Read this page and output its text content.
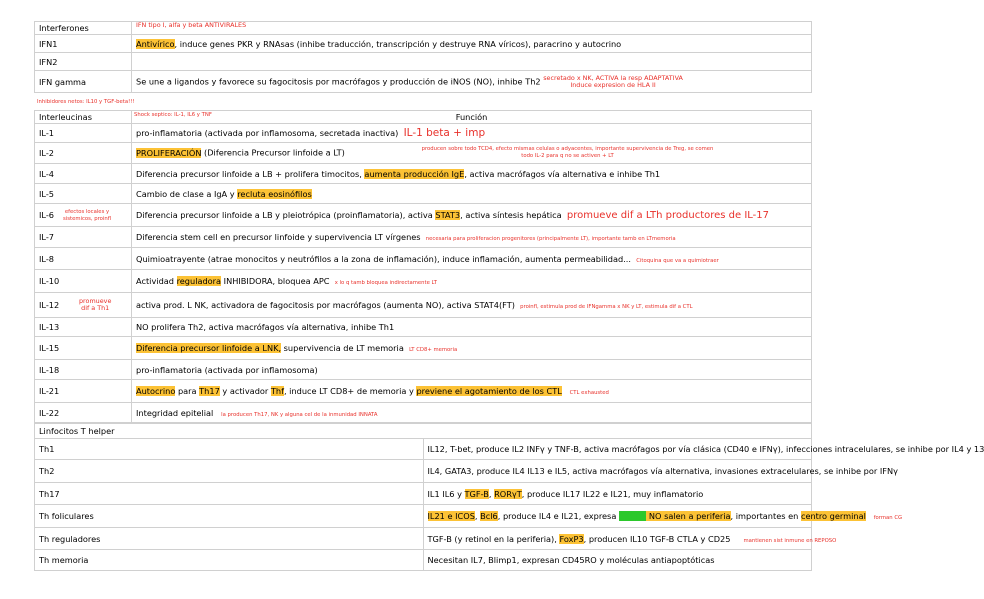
Interferones	$^{IFN tipo I, alfa y beta ANTIVIRALES}$
IFN1	Antivírico, induce genes PKR y RNAsas (inhibe traducción, transcripción y destruye RNA víricos), paracrino y autocrino
IFN2	
IFN gamma	Se une a ligandos y favorece su fagocitosis por macrófagos y producción de iNOS (NO), inhibe Th2 secretado x NK, ACTIVA la resp ADAPTATIVA
Induce expresion de HLA II
Inhibidores netos: IL10 y TGF-beta!!!
Interleucinas	Shock septico: IL-1, IL6 y TNF Función

IL-1	pro-inflamatoria (activada por inflamosoma, secretada inactiva) IL-1 beta + imp
IL-2	PROLIFERACIÓN (Diferencia Precursor linfoide a LT) producen sobre todo TCD4, efecto mismas celulas o adyacentes, importante supervivencia de Treg, se comen
todo IL-2 para q no se activen + LT
IL-4	Diferencia precursor linfoide a LB + prolifera timocitos, aumenta producción IgE, activa macrófagos vía alternativa e inhibe Th1
IL-5	Cambio de clase a IgA y recluta eosinófilos
IL-6 efectos locales y
sistemicos, proinfl	Diferencia precursor linfoide a LB y pleiotrópica (proinflamatoria), activa STAT3, activa síntesis hepática promueve dif a LTh productores de IL-17
IL-7	Diferencia stem cell en precursor linfoide y supervivencia LT vírgenes necesaria para proliferacion progenitores (principalmente LT), importante tamb en LTmemoria
IL-8	Quimioatrayente (atrae monocitos y neutrófilos a la zona de inflamación), induce inflamación, aumenta permeabilidad... Citoquina que va a quimiotraer
IL-10	Actividad reguladora INHIBIDORA, bloquea APC x lo q tamb bloquea indirectamente LT
IL-12 promueve
dif a Th1	activa prod. L NK, activadora de fagocitosis por macrófagos (aumenta NO), activa STAT4(FT) proinfl, estimula prod de IFNgamma x NK y LT, estimula dif a CTL
IL-13	NO prolifera Th2, activa macrófagos vía alternativa, inhibe Th1
IL-15	Diferencia precursor linfoide a LNK, supervivencia de LT memoria LT CD8+ memoria
IL-18	pro-inflamatoria (activada por inflamosoma)
IL-21	Autocrino para Th17 y activador Thf, induce LT CD8+ de memoria y previene el agotamiento de los CTL CTL exhausted
IL-22	Integridad epitelial la producen Th17, NK y alguna cel de la inmunidad INNATA
Linfocitos T helper	
Th1	IL12, T-bet, produce IL2 INFγ y TNF-B, activa macrófagos por vía clásica (CD40 e IFNγ), infecciones intracelulares, se inhibe por IL4 y 13
Th2	IL4, GATA3, produce IL4 IL13 e IL5, activa macrófagos vía alternativa, invasiones extracelulares, se inhibe por IFNγ
Th17	IL1 IL6 y TGF-B, RORγT, produce IL17 IL22 e IL21, muy inflamatorio
Th foliculares	IL21 e ICOS, Bcl6, produce IL4 e IL21, expresa CXCR5 NO salen a periferia, importantes en centro germinal forman CG
Th reguladores	TGF-B (y retinol en la periferia), FoxP3, producen IL10 TGF-B CTLA y CD25 mantienen sist inmune en REPOSO
Th memoria	Necesitan IL7, Blimp1, expresan CD45RO y moléculas antiapoptóticas
